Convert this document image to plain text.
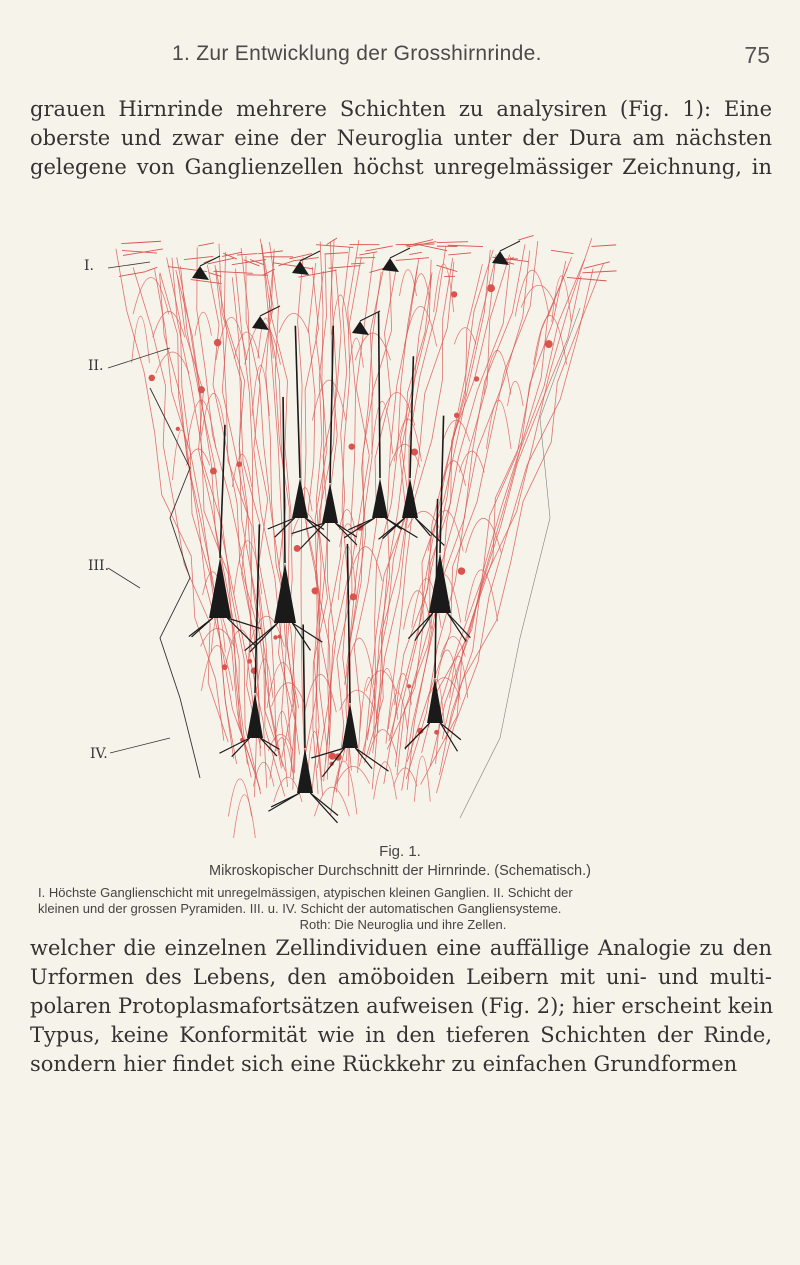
1. Zur Entwicklung der Grosshirnrinde.	75

grauen Hirnrinde mehrere Schichten zu analysiren (Fig. 1): Eine
oberste und zwar eine der Neuroglia unter der Dura am nächsten
gelegene von Ganglienzellen höchst unregelmässiger Zeichnung, in

I.
II.
III.
IV.
Fig. 1.
Mikroskopischer Durchschnitt der Hirnrinde. (Schematisch.)
I. Höchste Ganglienschicht mit unregelmässigen, atypischen kleinen Ganglien. II. Schicht der
kleinen und der grossen Pyramiden. III. u. IV. Schicht der automatischen Gangliensysteme.
Roth: Die Neuroglia und ihre Zellen.

welcher die einzelnen Zellindividuen eine auffällige Analogie zu den
Urformen des Lebens, den amöboiden Leibern mit uni- und multi-
polaren Protoplasmafortsätzen aufweisen (Fig. 2); hier erscheint kein
Typus, keine Konformität wie in den tieferen Schichten der Rinde,
sondern hier findet sich eine Rückkehr zu einfachen Grundformen
